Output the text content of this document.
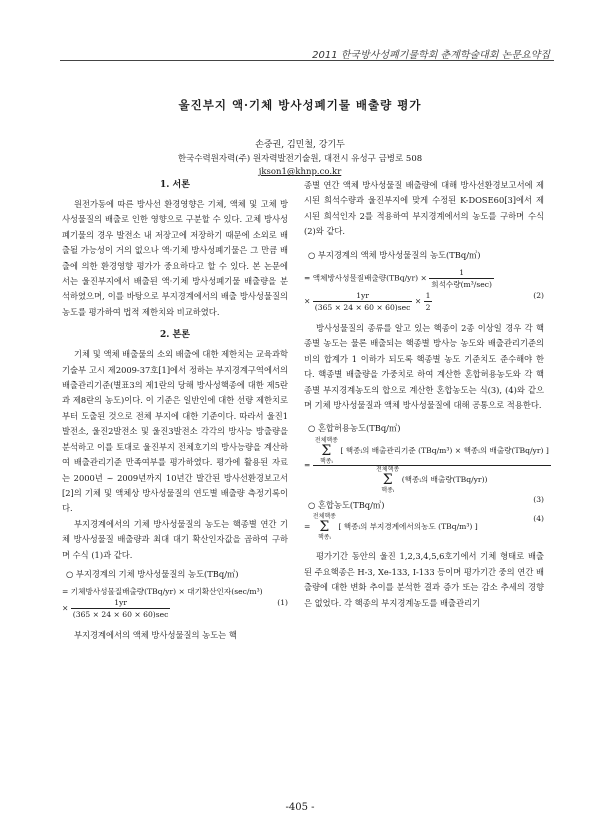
2011 한국방사성폐기물학회 춘계학술대회 논문요약집
울진부지 액·기체 방사성폐기물 배출량 평가
손중권, 김민철, 강기두
한국수력원자력(주) 원자력발전기술원, 대전시 유성구 금병로 508
jkson1@khnp.co.kr
1. 서론

원전가동에 따른 방사선 환경영향은 기체, 액체 및 고체 방사성물질의 배출로 인한 영향으로 구분할 수 있다. 고체 방사성폐기물의 경우 발전소 내 저장고에 저장하기 때문에 소외로 배출될 가능성이 거의 없으나 액·기체 방사성폐기물은 그 만큼 배출에 의한 환경영향 평가가 중요하다고 할 수 있다. 본 논문에서는 울진부지에서 배출된 액·기체 방사성폐기물 배출량을 분석하였으며, 이를 바탕으로 부지경계에서의 배출 방사성물질의 농도를 평가하여 법적 제한치와 비교하였다.

2. 본론

기체 및 액체 배출물의 소외 배출에 대한 제한치는 교육과학기술부 고시 제2009-37호[1]에서 정하는 부지경계구역에서의 배출관리기준(별표3의 제1란의 당해 방사성핵종에 대한 제5란과 제8란의 농도)이다. 이 기준은 일반인에 대한 선량 제한치로부터 도출된 것으로 전체 부지에 대한 기준이다. 따라서 울진1발전소, 울진2발전소 및 울진3발전소 각각의 방사능 방출량을 분석하고 이를 토대로 울진부지 전체호기의 방사능량을 계산하여 배출관리기준 만족여부를 평가하였다. 평가에 활용된 자료는 2000년 ~ 2009년까지 10년간 발간된 방사선환경보고서[2]의 기체 및 액체상 방사성물질의 연도별 배출량 측정기록이다.

부지경계에서의 기체 방사성물질의 농도는 핵종별 연간 기체 방사성물질 배출량과 최대 대기 확산인자값을 곱하여 구하며 수식 (1)과 같다.

○ 부지경계의 기체 방사성물질의 농도(TBq/㎥)
= 기체방사성물질배출량(TBq/yr) × 대기확산인자(sec/m³)
× $\frac{1yr}{(365 \times 24 \times 60 \times 60)\sec}$	(1)

부지경계에서의 액체 방사성물질의 농도는 핵

종별 연간 액체 방사성물질 배출량에 대해 방사선환경보고서에 제시된 희석수량과 울진부지에 맞게 수정된 K-DOSE60[3]에서 제시된 희석인자 2를 적용하여 부지경계에서의 농도를 구하며 수식 (2)와 같다.

○ 부지경계의 액체 방사성물질의 농도(TBq/㎥)
= 액체방사성물질배출량$(TBq/yr) \times \frac{1}{\text{희석수량(m³/sec)}}$
× $\frac{1yr}{(365 \times 24 \times 60 \times 60)\sec} \times \frac{1}{2}$	(2)

방사성물질의 종류를 알고 있는 핵종이 2종 이상일 경우 각 핵종별 농도는 물론 배출되는 핵종별 방사능 농도와 배출관리기준의 비의 합계가 1 이하가 되도록 핵종별 농도 기준치도 준수해야 한다. 핵종별 배출량을 가중치로 하여 계산한 혼합허용농도와 각 핵종별 부지경계농도의 합으로 계산한 혼합농도는 식(3), (4)와 같으며 기체 방사성물질과 액체 방사성물질에 대해 공통으로 적용한다.

○ 혼합허용농도(TBq/㎥)
=
전체핵종
Σ
핵종ᵢ [ 핵종ᵢ의 배출관리기준 (TBq/m³) × 핵종ᵢ의 배출량(TBq/yr) ]
전체핵종
Σ
핵종ᵢ (핵종ᵢ의 배출량(TBq/yr))
(3)
○ 혼합농도(TBq/㎥)
= 전체핵종
Σ
핵종ᵢ [ 핵종ᵢ의 부지경계에서의농도 (TBq/m³) ]
(4)

평가기간 동안의 울진 1,2,3,4,5,6호기에서 기체 형태로 배출된 주요핵종은 H-3, Xe-133, I-133 등이며 평가기간 중의 연간 배출량에 대한 변화 추이를 분석한 결과 증가 또는 감소 추세의 경향은 없었다. 각 핵종의 부지경계농도를 배출관리기

-405 -
